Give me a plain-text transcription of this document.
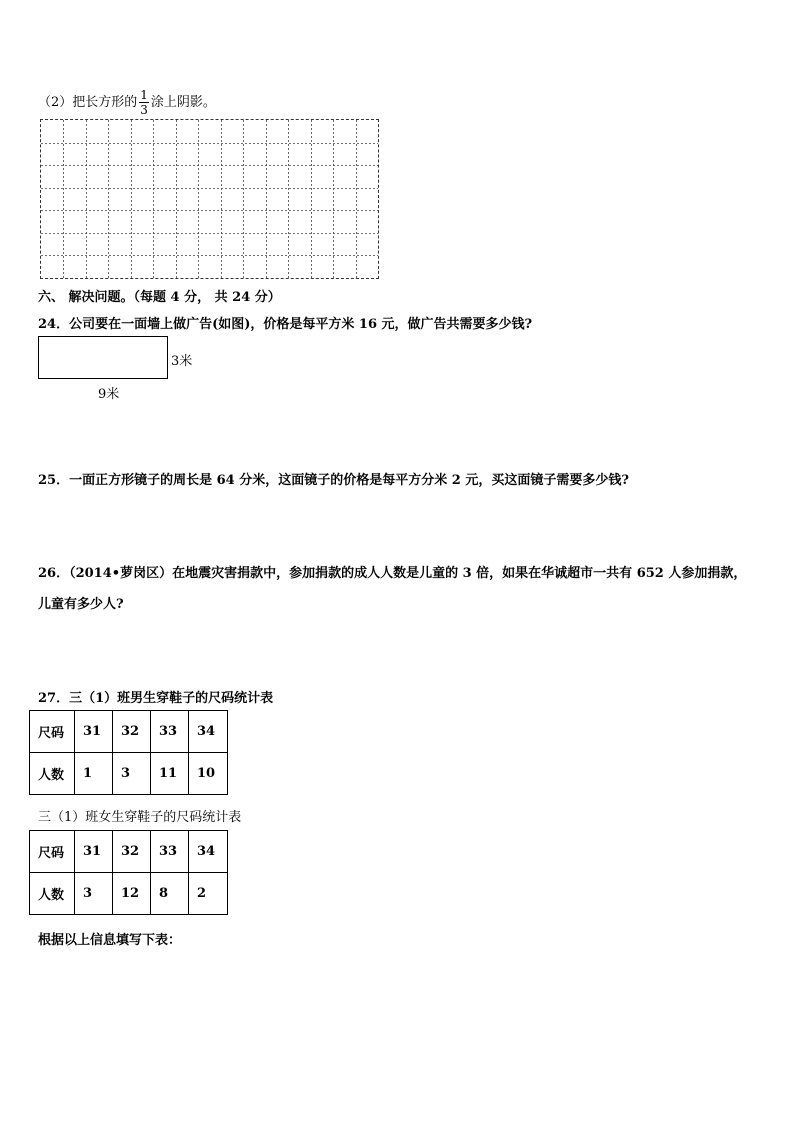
（2）把长方形的 $\frac{1}{3}$ 涂上阴影。
六、 解决问题。（每题 4 分， 共 24 分）
24．公司要在一面墙上做广告(如图)，价格是每平方米 16 元，做广告共需要多少钱?
3米
9米
25．一面正方形镜子的周长是 64 分米，这面镜子的价格是每平方分米 2 元，买这面镜子需要多少钱?
26．（2014•萝岗区）在地震灾害捐款中，参加捐款的成人人数是儿童的 3 倍，如果在华诚超市一共有 652 人参加捐款，
儿童有多少人?
27．三（1）班男生穿鞋子的尺码统计表
尺码	31	32	33	34
人数	1	3	11	10
三（1）班女生穿鞋子的尺码统计表
尺码	31	32	33	34
人数	3	12	8	2
根据以上信息填写下表：
